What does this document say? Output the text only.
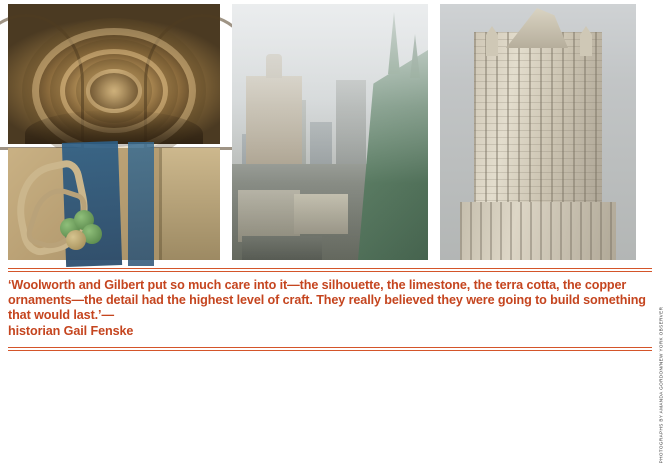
PHOTOGRAPHS BY AMANDA GORDON/NEW YORK OBSERVER
‘Woolworth and Gilbert put so much care into it—the silhouette, the limestone, the terra cotta, the copper ornaments—the detail had the highest level of craft. They really believed they were going to build something that would last.’—
historian Gail Fenske
